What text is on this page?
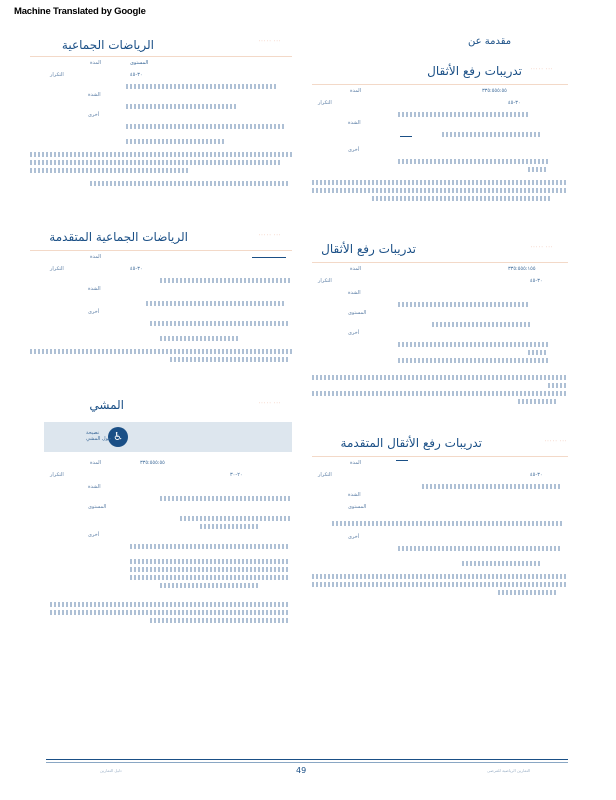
Machine Translated by Google
الرياضات الجماعية	٠٠٠ ٠٠٠٠٠
المدة	المستوى
التكرار	٣٠-٤٥
الشدة
أخرى
الرياضات الجماعية المتقدمة	٠٠٠ ٠٠٠٠٠
المدة
التكرار	٣٠-٤٥
الشدة
أخرى
المشي	٠٠٠ ٠٠٠٠٠
♿
نصيحة
حول المشي
المدة	٣٣٥:٥٥٥:٥٥
التكرار	٢٠-٣٠
الشدة
المستوى
أخرى
مقدمة عن
تدريبات رفع الأثقال ٠٠٠ ٠٠٠٠٠
المدة	٣٣٥:٥٥٥:٥٥
التكرار	٣٠-٤٥
الشدة
أخرى
تدريبات رفع الأثقال	٠٠٠ ٠٠٠٠٠
المدة	٣٣٥:٥٥٥:١٥٥
التكرار	٣٠-٤٥
الشدة
المستوى
أخرى
تدريبات رفع الأثقال المتقدمة	٠٠٠ ٠٠٠٠٠
المدة
التكرار	٣٠-٤٥
الشدة
المستوى
أخرى
دليل التمارين	49	التمارين الرياضية للمرضى
